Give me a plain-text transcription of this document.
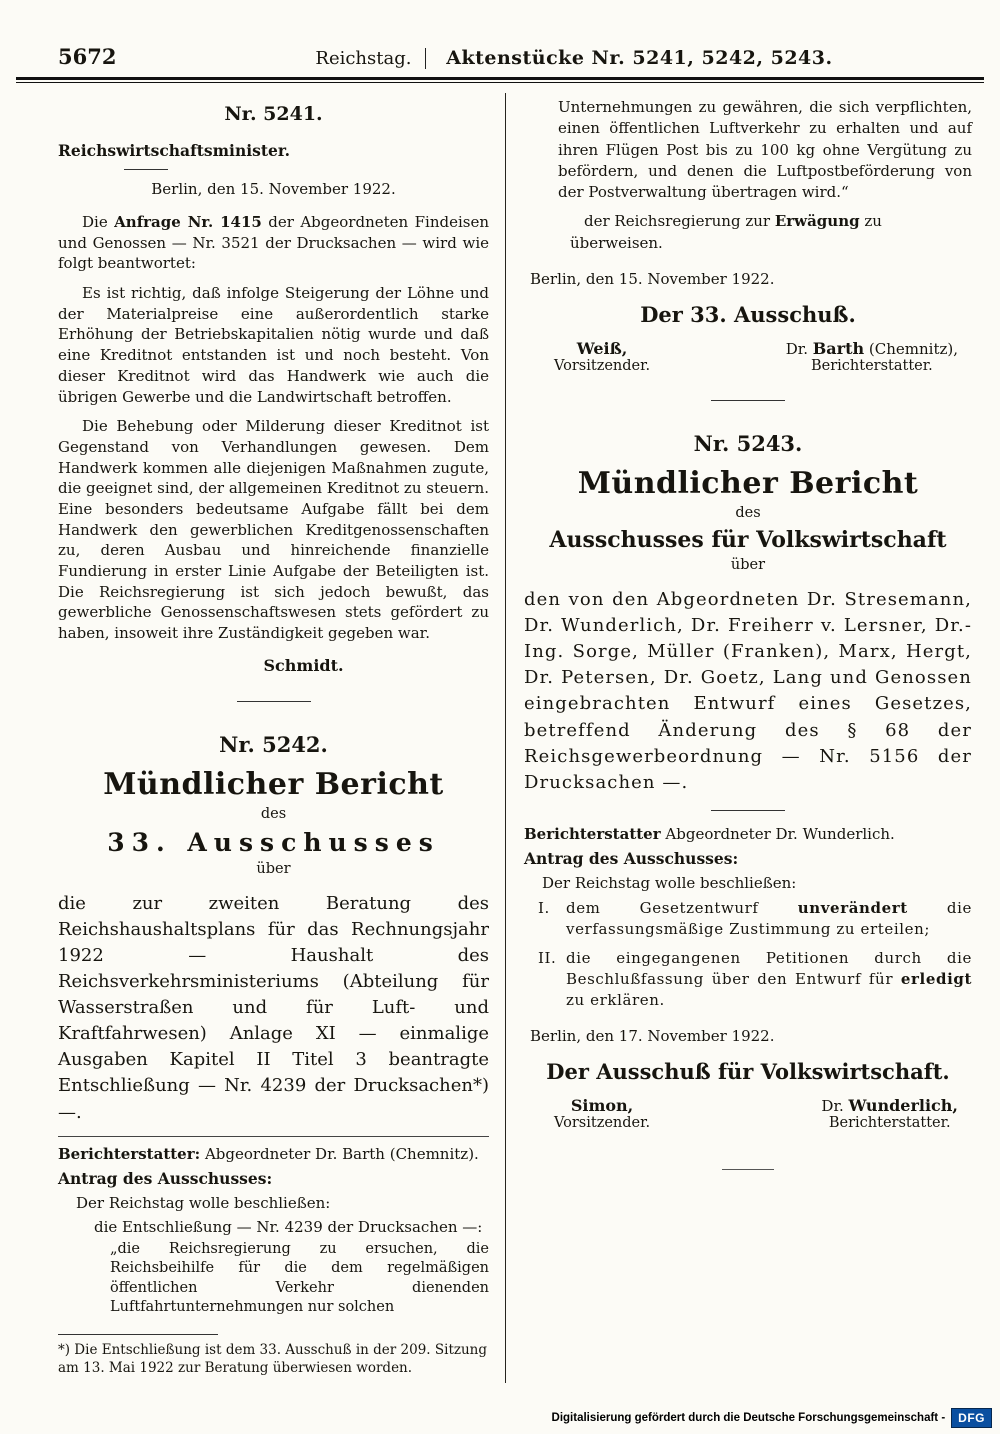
5672	Reichstag. Aktenstücke Nr. 5241, 5242, 5243.
Nr. 5241.
Reichswirtschaftsminister.
Berlin, den 15. November 1922.

Die Anfrage Nr. 1415 der Abgeordneten Findeisen und Genossen — Nr. 3521 der Drucksachen — wird wie folgt beantwortet:

Es ist richtig, daß infolge Steigerung der Löhne und der Materialpreise eine außerordentlich starke Erhöhung der Betriebskapitalien nötig wurde und daß eine Kreditnot entstanden ist und noch besteht. Von dieser Kreditnot wird das Handwerk wie auch die übrigen Gewerbe und die Landwirtschaft betroffen.

Die Behebung oder Milderung dieser Kreditnot ist Gegenstand von Verhandlungen gewesen. Dem Handwerk kommen alle diejenigen Maßnahmen zugute, die geeignet sind, der allgemeinen Kreditnot zu steuern. Eine besonders bedeutsame Aufgabe fällt bei dem Handwerk den gewerblichen Kreditgenossenschaften zu, deren Ausbau und hinreichende finanzielle Fundierung in erster Linie Aufgabe der Beteiligten ist. Die Reichsregierung ist sich jedoch bewußt, das gewerbliche Genossenschaftswesen stets gefördert zu haben, insoweit ihre Zuständigkeit gegeben war.

Schmidt.
Nr. 5242.
Mündlicher Bericht
des
33. Ausschusses
über

die zur zweiten Beratung des Reichshaushaltsplans für das Rechnungsjahr 1922 — Haushalt des Reichsverkehrsministeriums (Abteilung für Wasserstraßen und für Luft- und Kraftfahrwesen) Anlage XI — einmalige Ausgaben Kapitel II Titel 3 beantragte Entschließung — Nr. 4239 der Drucksachen*) —.

Berichterstatter: Abgeordneter Dr. Barth (Chemnitz).

Antrag des Ausschusses:

Der Reichstag wolle beschließen:

die Entschließung — Nr. 4239 der Drucksachen —:

„die Reichsregierung zu ersuchen, die Reichsbeihilfe für die dem regelmäßigen öffentlichen Verkehr dienenden Luftfahrtunternehmungen nur solchen

*) Die Entschließung ist dem 33. Ausschuß in der 209. Sitzung am 13. Mai 1922 zur Beratung überwiesen worden.

Unternehmungen zu gewähren, die sich verpflichten, einen öffentlichen Luftverkehr zu erhalten und auf ihren Flügen Post bis zu 100 kg ohne Vergütung zu befördern, und denen die Luftpostbeförderung von der Postverwaltung übertragen wird.“

der Reichsregierung zur Erwägung zu überweisen.

Berlin, den 15. November 1922.
Der 33. Ausschuß.
Weiß,
Vorsitzender.
Dr. Barth (Chemnitz),
Berichterstatter.
Nr. 5243.
Mündlicher Bericht
des
Ausschusses für Volkswirtschaft
über

den von den Abgeordneten Dr. Stresemann, Dr. Wunderlich, Dr. Freiherr v. Lersner, Dr.-Ing. Sorge, Müller (Franken), Marx, Hergt, Dr. Petersen, Dr. Goetz, Lang und Genossen eingebrachten Entwurf eines Gesetzes, betreffend Änderung des § 68 der Reichsgewerbeordnung — Nr. 5156 der Drucksachen —.

Berichterstatter Abgeordneter Dr. Wunderlich.

Antrag des Ausschusses:

Der Reichstag wolle beschließen:

I.	dem Gesetzentwurf unverändert die verfassungsmäßige Zustimmung zu erteilen;
II. die eingegangenen Petitionen durch die Beschlußfassung über den Entwurf für erledigt zu erklären.
Berlin, den 17. November 1922.
Der Ausschuß für Volkswirtschaft.
Simon,
Vorsitzender.
Dr. Wunderlich,
Berichterstatter.
Digitalisierung gefördert durch die Deutsche Forschungsgemeinschaft -	DFG
